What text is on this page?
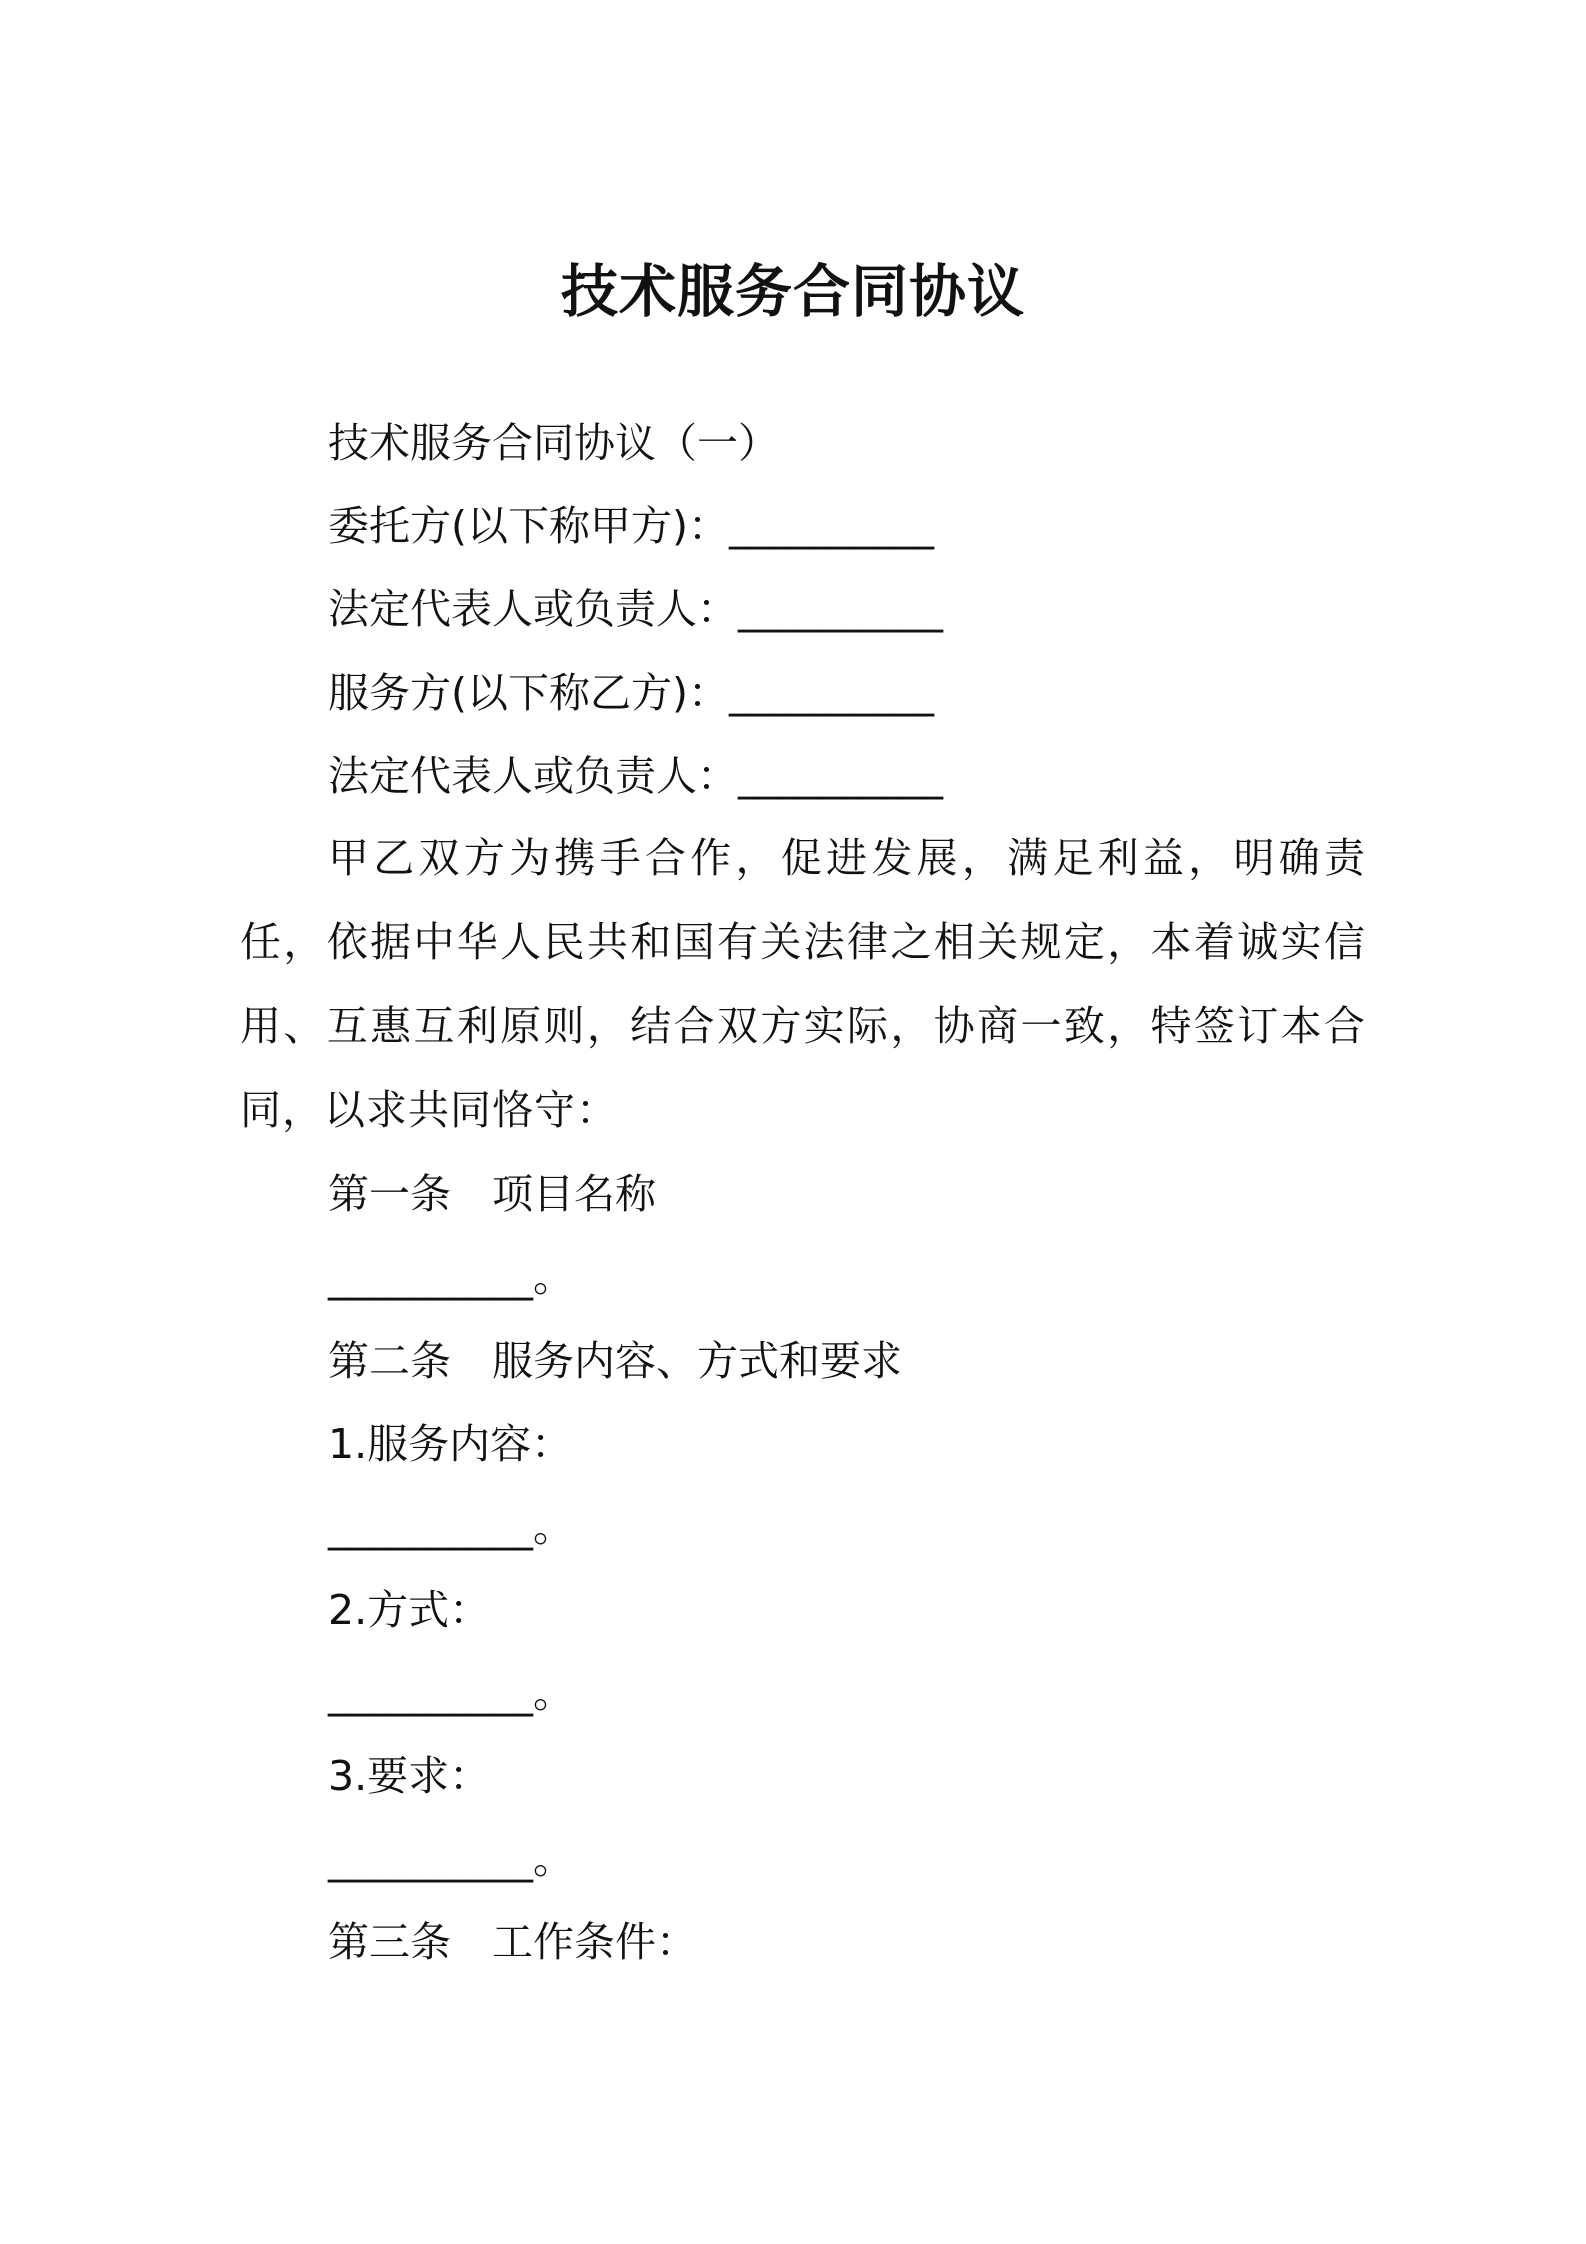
技术服务合同协议
技术服务合同协议（一）
委托方(以下称甲方)：__________
法定代表人或负责人：__________
服务方(以下称乙方)：__________
法定代表人或负责人：__________
甲乙双方为携手合作，促进发展，满足利益，明确责任，依据中华人民共和国有关法律之相关规定，本着诚实信用、互惠互利原则，结合双方实际，协商一致，特签订本合同，以求共同恪守：
第一条　项目名称
__________。
第二条　服务内容、方式和要求
1.服务内容：
__________。
2.方式：
__________。
3.要求：
__________。
第三条　工作条件：
